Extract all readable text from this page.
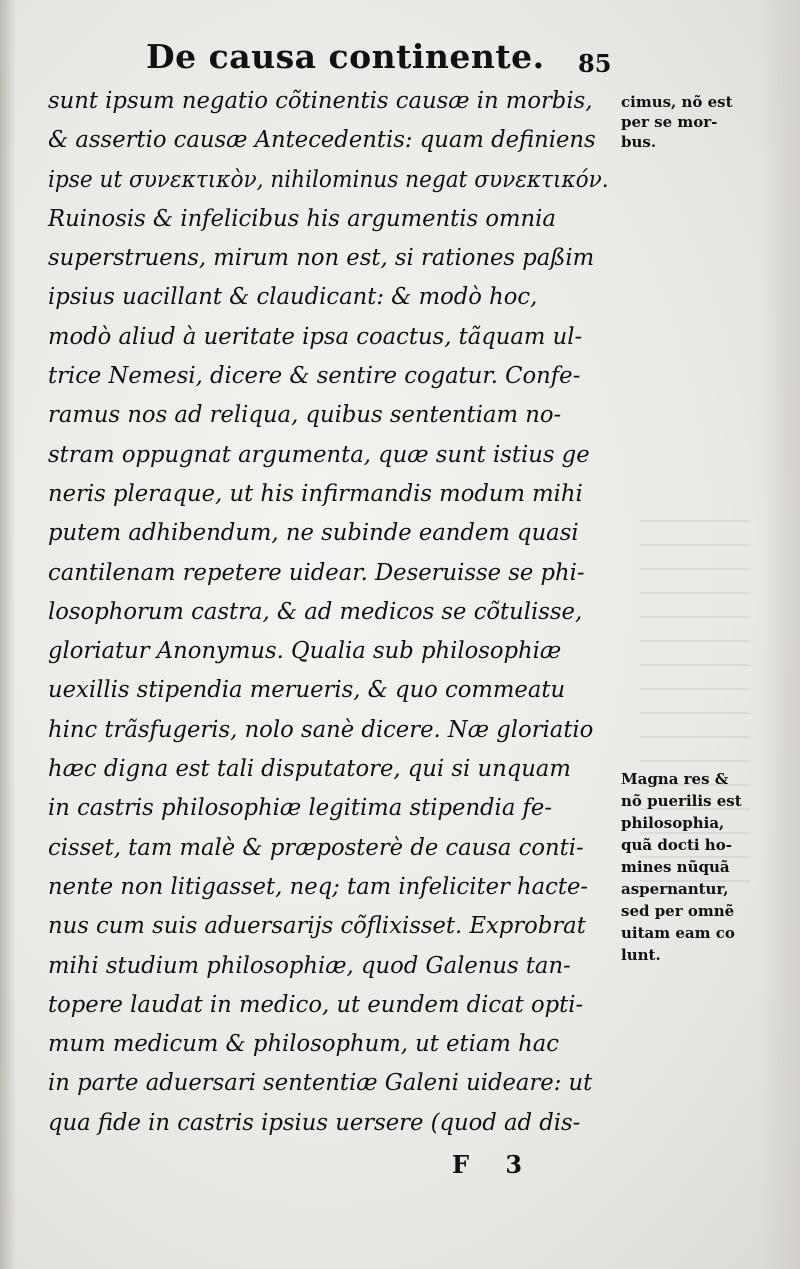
De causa continente. 85
sunt ipsum negatio cõtinentis causæ in morbis,
& assertio causæ Antecedentis: quam definiens
ipse ut συνεκτικὸν, nihilominus negat συνεκτικόν.
Ruinosis & infelicibus his argumentis omnia
superstruens, mirum non est, si rationes paßim
ipsius uacillant & claudicant: & modò hoc,
modò aliud à ueritate ipsa coactus, tãquam ul-
trice Nemesi, dicere & sentire cogatur. Confe-
ramus nos ad reliqua, quibus sententiam no-
stram oppugnat argumenta, quæ sunt istius ge
neris pleraque, ut his infirmandis modum mihi
putem adhibendum, ne subinde eandem quasi
cantilenam repetere uidear. Deseruisse se phi-
losophorum castra, & ad medicos se cõtulisse,
gloriatur Anonymus. Qualia sub philosophiæ
uexillis stipendia merueris, & quo commeatu
hinc trãsfugeris, nolo sanè dicere. Næ gloriatio
hæc digna est tali disputatore, qui si unquam
in castris philosophiæ legitima stipendia fe-
cisset, tam malè & præposterè de causa conti-
nente non litigasset, neq; tam infeliciter hacte-
nus cum suis aduersarijs cõflixisset. Exprobrat
mihi studium philosophiæ, quod Galenus tan-
topere laudat in medico, ut eundem dicat opti-
mum medicum & philosophum, ut etiam hac
in parte aduersari sententiæ Galeni uideare: ut
qua fide in castris ipsius uersere (quod ad dis-
cimus, nõ est
per se mor-
bus.
Magna res &
nõ puerilis est
philosophia,
quã docti ho-
mines nũquã
aspernantur,
sed per omnẽ
uitam eam co
lunt.
F 3
